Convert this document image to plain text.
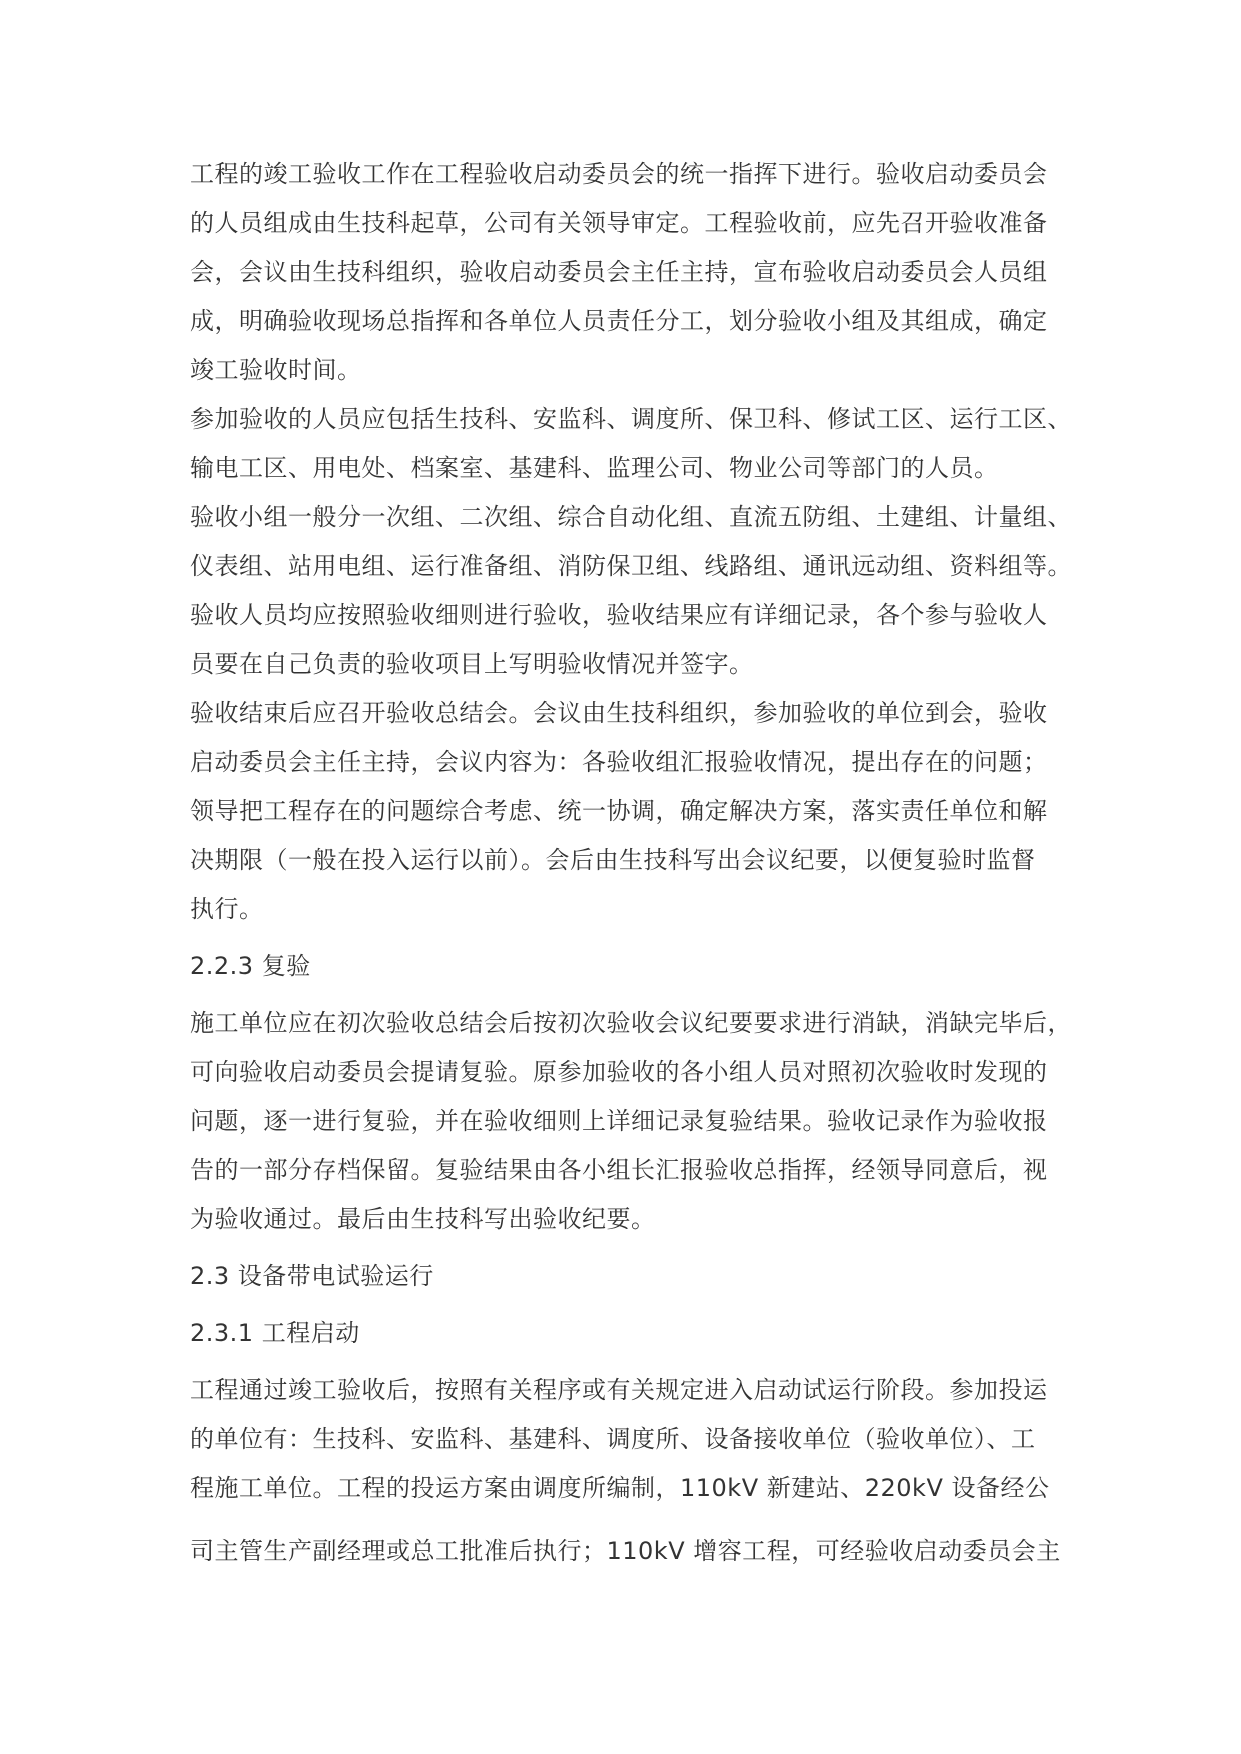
工程的竣工验收工作在工程验收启动委员会的统一指挥下进行。验收启动委员会
的人员组成由生技科起草，公司有关领导审定。工程验收前，应先召开验收准备
会，会议由生技科组织，验收启动委员会主任主持，宣布验收启动委员会人员组
成，明确验收现场总指挥和各单位人员责任分工，划分验收小组及其组成，确定
竣工验收时间。

参加验收的人员应包括生技科、安监科、调度所、保卫科、修试工区、运行工区、
输电工区、用电处、档案室、基建科、监理公司、物业公司等部门的人员。

验收小组一般分一次组、二次组、综合自动化组、直流五防组、土建组、计量组、
仪表组、站用电组、运行准备组、消防保卫组、线路组、通讯远动组、资料组等。

验收人员均应按照验收细则进行验收，验收结果应有详细记录，各个参与验收人
员要在自己负责的验收项目上写明验收情况并签字。

验收结束后应召开验收总结会。会议由生技科组织，参加验收的单位到会，验收
启动委员会主任主持，会议内容为：各验收组汇报验收情况，提出存在的问题；
领导把工程存在的问题综合考虑、统一协调，确定解决方案，落实责任单位和解
决期限（一般在投入运行以前）。会后由生技科写出会议纪要，以便复验时监督
执行。

2.2.3 复验

施工单位应在初次验收总结会后按初次验收会议纪要要求进行消缺，消缺完毕后，
可向验收启动委员会提请复验。原参加验收的各小组人员对照初次验收时发现的
问题，逐一进行复验，并在验收细则上详细记录复验结果。验收记录作为验收报
告的一部分存档保留。复验结果由各小组长汇报验收总指挥，经领导同意后，视
为验收通过。最后由生技科写出验收纪要。

2.3 设备带电试验运行

2.3.1 工程启动

工程通过竣工验收后，按照有关程序或有关规定进入启动试运行阶段。参加投运
的单位有：生技科、安监科、基建科、调度所、设备接收单位（验收单位）、工
程施工单位。工程的投运方案由调度所编制，110kV 新建站、220kV 设备经公

司主管生产副经理或总工批准后执行；110kV 增容工程，可经验收启动委员会主
